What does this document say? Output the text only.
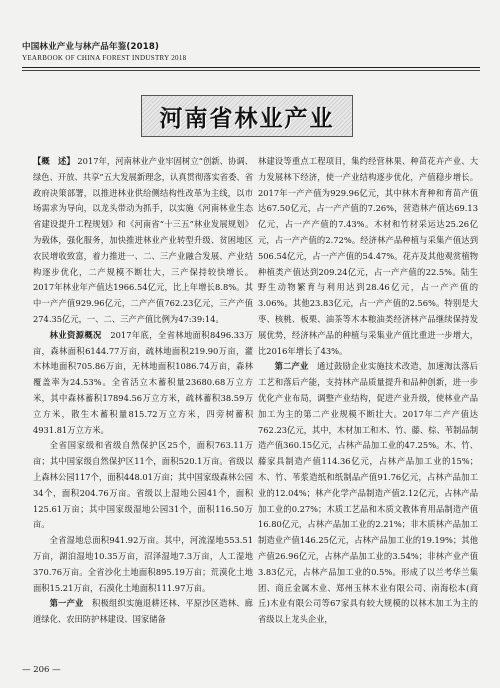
中国林业产业与林产品年鉴(2018)
YEARBOOK OF CHINA FOREST INDUSTRY 2018
河南省林业产业

【概　述】 2017年，河南林业产业牢固树立“创新、协调、绿色、开放、共享”五大发展新理念，认真贯彻落实省委、省政府决策部署，以推进林业供给侧结构性改革为主线，以市场需求为导向，以龙头带动为抓手，以实施《河南林业生态省建设提升工程规划》和《河南省“十三五”林业发展规划》为载体，强化服务，加快推进林业产业转型升级、贫困地区农民增收致富，着力推进一、二、三产业融合发展、产业结构逐步优化，二产规模不断壮大，三产保持较快增长。2017年林业年产值达1966.54亿元，比上年增长8.8%。其中一产产值929.96亿元，二产产值762.23亿元，三产产值274.35亿元，一、二、三产产值比例为47:39:14。

林业资源概况　 2017年底，全省林地面积8496.33万亩，森林面积6144.77万亩，疏林地面积219.90万亩，灌木林地面积705.86万亩，无林地面积1086.74万亩，森林覆盖率为24.53%。全省活立木蓄积量23680.68万立方米，其中森林蓄积17894.56万立方米，疏林蓄积38.59万立方米，散生木蓄积量815.72万立方米，四旁树蓄积4931.81万立方米。

全省国家级和省级自然保护区25个，面积763.11万亩；其中国家级自然保护区11个，面积520.1万亩。省级以上森林公园117个，面积448.01万亩；其中国家级森林公园34个，面积204.76万亩。省级以上湿地公园41个，面积125.61万亩；其中国家级湿地公园31个，面积116.50万亩。

全省湿地总面积941.92万亩。其中，河流湿地553.51万亩，湖泊湿地10.35万亩，沼泽湿地7.3万亩，人工湿地370.76万亩。全省沙化土地面积895.19万亩；荒漠化土地面积15.21万亩，石漠化土地面积111.97万亩。

第一产业　 积极组织实施退耕还林、平原沙区造林、廊道绿化、农田防护林建设、国家储备

林建设等重点工程项目，集约经营林果、种苗花卉产业、大力发展林下经济，使一产业结构逐步优化，产值稳步增长。2017年一产产值为929.96亿元，其中林木育种和育苗产值达67.50亿元，占一产产值的7.26%，营造林产值达69.13亿元，占一产产值的7.43%。木材和竹材采运达25.26亿元，占一产产值的2.72%。经济林产品种植与采集产值达到506.54亿元，占一产产值的54.47%。花卉及其他观赏植物种植类产值达到209.24亿元，占一产产值的22.5%。陆生野生动物繁育与利用达到28.46亿元，占一产产值的3.06%。其他23.83亿元，占一产产值的2.56%。特别是大枣、核桃、板栗、油茶等木本粮油类经济林产品继续保持发展优势，经济林产品的种植与采集业产值比重进一步增大，比2016年增长了43%。

第二产业　 通过鼓励企业实施技术改造，加速淘汰落后工艺和落后产能，支持林产品质量提升和品种创新，进一步优化产业布局，调整产业结构，促进产业升级，使林业产品加工为主的第二产业规模不断壮大。2017年二产产值达762.23亿元，其中，木材加工和木、竹、藤、棕、苇制品制造产值360.15亿元，占林产品加工业的47.25%。木、竹、藤家具制造产值114.36亿元，占林产品加工业的15%；木、竹、苇浆造纸和纸制品产值91.76亿元，占林产品加工业的12.04%；林产化学产品制造产值2.12亿元，占林产品加工业的0.27%；木质工艺品和木质文教体育用品制造产值16.80亿元，占林产品加工业的2.21%；非木质林产品加工制造业产值146.25亿元，占林产品加工业的19.19%；其他产值26.96亿元，占林产品加工业的3.54%；非林产业产值3.83亿元，占林产品加工业的0.5%。形成了以兰考华兰集团、商丘金属木业、郑州玉林木业有限公司、南海松本(商丘)木业有限公司等67家具有较大规模的以林木加工为主的省级以上龙头企业，

— 206 —
